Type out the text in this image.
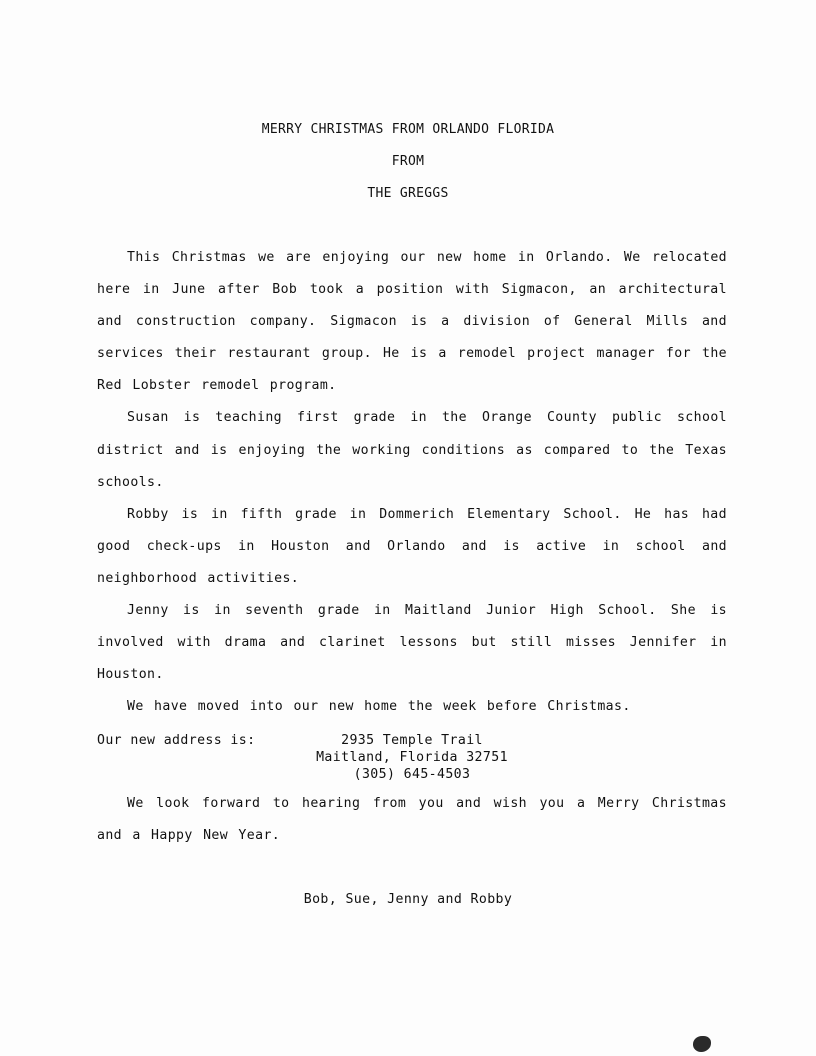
MERRY CHRISTMAS FROM ORLANDO FLORIDA
FROM
THE GREGGS

This Christmas we are enjoying our new home in Orlando. We relocated here in June after Bob took a position with Sigmacon, an architectural and construction company. Sigmacon is a division of General Mills and services their restaurant group. He is a remodel project manager for the Red Lobster remodel program.

Susan is teaching first grade in the Orange County public school district and is enjoying the working conditions as compared to the Texas schools.

Robby is in fifth grade in Dommerich Elementary School. He has had good check-ups in Houston and Orlando and is active in school and neighborhood activities.

Jenny is in seventh grade in Maitland Junior High School. She is involved with drama and clarinet lessons but still misses Jennifer in Houston.

We have moved into our new home the week before Christmas.

Our new address is:	2935 Temple Trail
Maitland, Florida 32751
(305) 645-4503

We look forward to hearing from you and wish you a Merry Christmas and a Happy New Year.

Bob, Sue, Jenny and Robby
